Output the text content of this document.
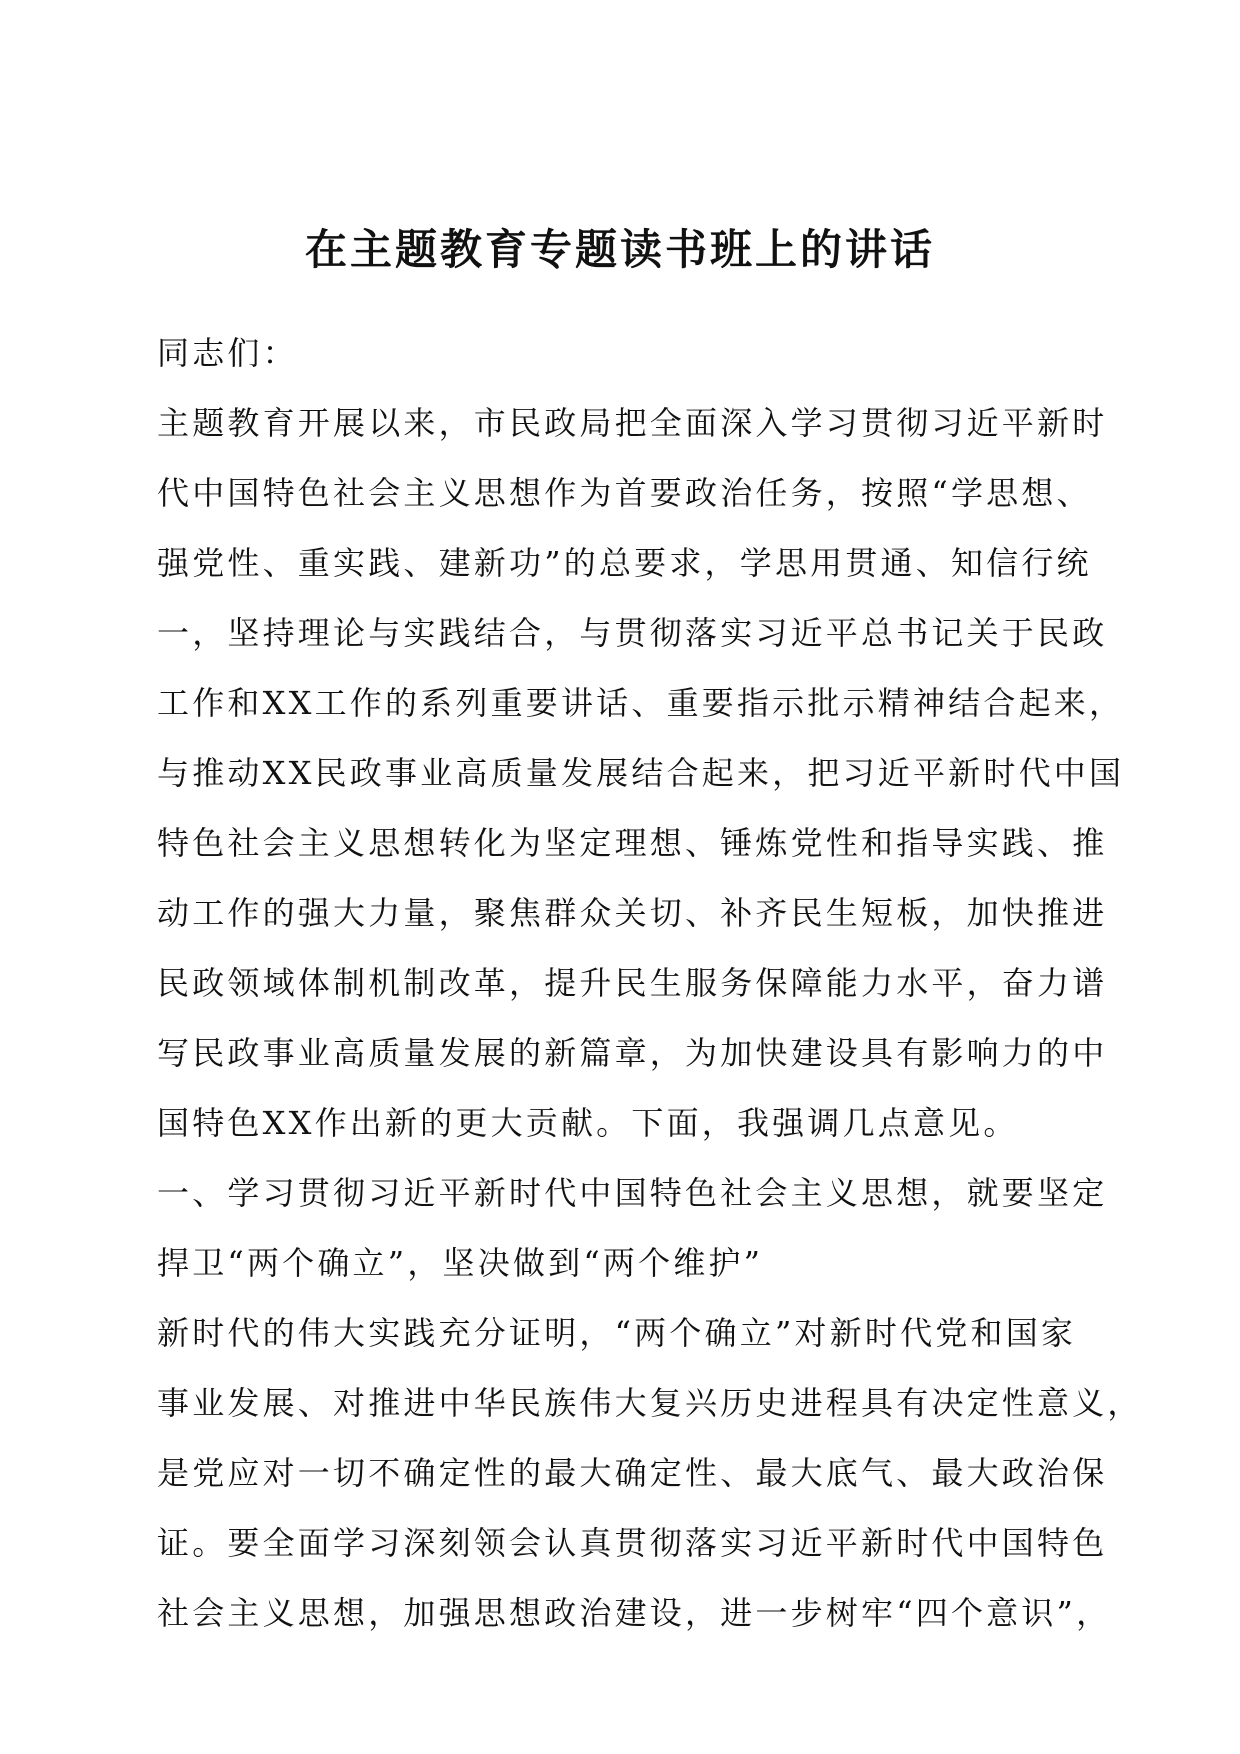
在主题教育专题读书班上的讲话
同志们：
主题教育开展以来，市民政局把全面深入学习贯彻习近平新时
代中国特色社会主义思想作为首要政治任务，按照“学思想、
强党性、重实践、建新功”的总要求，学思用贯通、知信行统
一，坚持理论与实践结合，与贯彻落实习近平总书记关于民政
工作和XX工作的系列重要讲话、重要指示批示精神结合起来，
与推动XX民政事业高质量发展结合起来，把习近平新时代中国
特色社会主义思想转化为坚定理想、锤炼党性和指导实践、推
动工作的强大力量，聚焦群众关切、补齐民生短板，加快推进
民政领域体制机制改革，提升民生服务保障能力水平，奋力谱
写民政事业高质量发展的新篇章，为加快建设具有影响力的中
国特色XX作出新的更大贡献。下面，我强调几点意见。
一、学习贯彻习近平新时代中国特色社会主义思想，就要坚定
捍卫“两个确立”，坚决做到“两个维护”
新时代的伟大实践充分证明，“两个确立”对新时代党和国家
事业发展、对推进中华民族伟大复兴历史进程具有决定性意义，
是党应对一切不确定性的最大确定性、最大底气、最大政治保
证。要全面学习深刻领会认真贯彻落实习近平新时代中国特色
社会主义思想，加强思想政治建设，进一步树牢“四个意识”，
